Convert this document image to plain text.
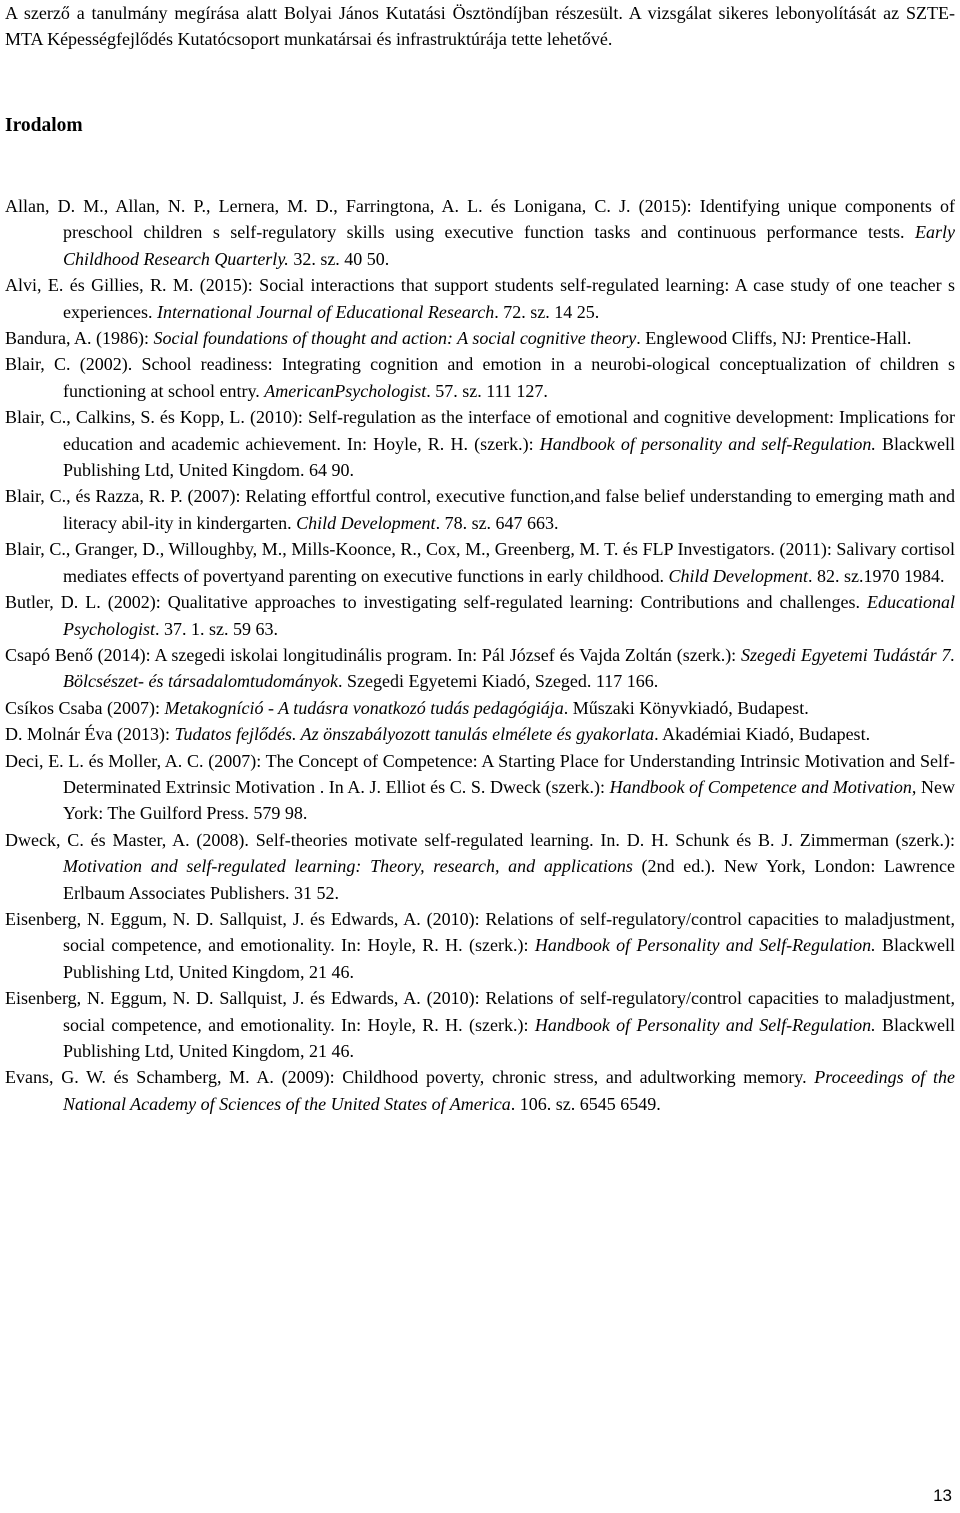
A szerző a tanulmány megírása alatt Bolyai János Kutatási Ösztöndíjban részesült. A vizsgálat sikeres lebonyolítását az SZTE-MTA Képességfejlődés Kutatócsoport munkatársai és infrastruktúrája tette lehetővé.

Irodalom

Allan, D. M., Allan, N. P., Lernera, M. D., Farringtona, A. L. és Lonigana, C. J. (2015): Identifying unique components of preschool children s self-regulatory skills using executive function tasks and continuous performance tests. Early Childhood Research Quarterly. 32. sz. 40 50.

Alvi, E. és Gillies, R. M. (2015): Social interactions that support students self-regulated learning: A case study of one teacher s experiences. International Journal of Educational Research. 72. sz. 14 25.

Bandura, A. (1986): Social foundations of thought and action: A social cognitive theory. Englewood Cliffs, NJ: Prentice-Hall.

Blair, C. (2002). School readiness: Integrating cognition and emotion in a neurobi-ological conceptualization of children s functioning at school entry. AmericanPsychologist. 57. sz. 111 127.

Blair, C., Calkins, S. és Kopp, L. (2010): Self-regulation as the interface of emotional and cognitive development: Implications for education and academic achievement. In: Hoyle, R. H. (szerk.): Handbook of personality and self-Regulation. Blackwell Publishing Ltd, United Kingdom. 64 90.

Blair, C., és Razza, R. P. (2007): Relating effortful control, executive function,and false belief understanding to emerging math and literacy abil-ity in kindergarten. Child Development. 78. sz. 647 663.

Blair, C., Granger, D., Willoughby, M., Mills-Koonce, R., Cox, M., Greenberg, M. T. és FLP Investigators. (2011): Salivary cortisol mediates effects of povertyand parenting on executive functions in early childhood. Child Development. 82. sz.1970 1984.

Butler, D. L. (2002): Qualitative approaches to investigating self-regulated learning: Contributions and challenges. Educational Psychologist. 37. 1. sz. 59 63.

Csapó Benő (2014): A szegedi iskolai longitudinális program. In: Pál József és Vajda Zoltán (szerk.): Szegedi Egyetemi Tudástár 7. Bölcsészet- és társadalomtudományok. Szegedi Egyetemi Kiadó, Szeged. 117 166.

Csíkos Csaba (2007): Metakogníció - A tudásra vonatkozó tudás pedagógiája. Műszaki Könyvkiadó, Budapest.

D. Molnár Éva (2013): Tudatos fejlődés. Az önszabályozott tanulás elmélete és gyakorlata. Akadémiai Kiadó, Budapest.

Deci, E. L. és Moller, A. C. (2007): The Concept of Competence: A Starting Place for Understanding Intrinsic Motivation and Self-Determinated Extrinsic Motivation . In A. J. Elliot és C. S. Dweck (szerk.): Handbook of Competence and Motivation, New York: The Guilford Press. 579 98.

Dweck, C. és Master, A. (2008). Self-theories motivate self-regulated learning. In. D. H. Schunk és B. J. Zimmerman (szerk.): Motivation and self-regulated learning: Theory, research, and applications (2nd ed.). New York, London: Lawrence Erlbaum Associates Publishers. 31 52.

Eisenberg, N. Eggum, N. D. Sallquist, J. és Edwards, A. (2010): Relations of self-regulatory/control capacities to maladjustment, social competence, and emotionality. In: Hoyle, R. H. (szerk.): Handbook of Personality and Self-Regulation. Blackwell Publishing Ltd, United Kingdom, 21 46.

Eisenberg, N. Eggum, N. D. Sallquist, J. és Edwards, A. (2010): Relations of self-regulatory/control capacities to maladjustment, social competence, and emotionality. In: Hoyle, R. H. (szerk.): Handbook of Personality and Self-Regulation. Blackwell Publishing Ltd, United Kingdom, 21 46.

Evans, G. W. és Schamberg, M. A. (2009): Childhood poverty, chronic stress, and adultworking memory. Proceedings of the National Academy of Sciences of the United States of America. 106. sz. 6545 6549.

13
